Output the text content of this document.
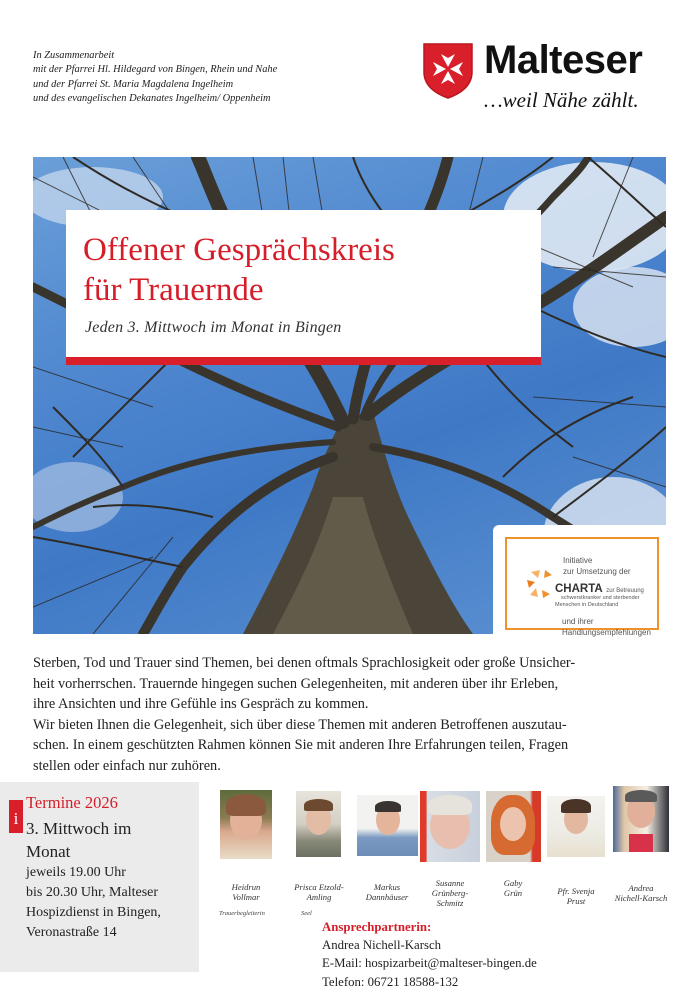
In Zusammenarbeit
mit der Pfarrei Hl. Hildegard von Bingen, Rhein und Nahe
und der Pfarrei St. Maria Magdalena Ingelheim
und des evangelischen Dekanates Ingelheim/ Oppenheim
Malteser
…weil Nähe zählt.
Offener Gesprächskreis
für Trauernde
Jeden 3. Mittwoch im Monat in Bingen
Initiative
zur Umsetzung der
CHARTA zur Betreuung
schwerstkranker und sterbender
Menschen in Deutschland
und ihrer
Handlungsempfehlungen

Sterben, Tod und Trauer sind Themen, bei denen oftmals Sprachlosigkeit oder große Unsicher-

heit vorherrschen. Trauernde hingegen suchen Gelegenheiten, mit anderen über ihr Erleben,

ihre Ansichten und ihre Gefühle ins Gespräch zu kommen.

Wir bieten Ihnen die Gelegenheit, sich über diese Themen mit anderen Betroffenen auszutau-

schen. In einem geschützten Rahmen können Sie mit anderen Ihre Erfahrungen teilen, Fragen

stellen oder einfach nur zuhören.

i
Termine 2026
3. Mittwoch im
Monat
jeweils 19.00 Uhr
bis 20.30 Uhr, Malteser
Hospizdienst in Bingen,
Veronastraße 14
Heidrun
Vollmar
Trauerbegleiterin
Prisca Etzold-
Amling
Seel
Markus
Dannhäuser
Susanne
Grünberg-
Schmitz
Gaby
Grün	Pfr. Svenja
Prust
Andrea
Nichell-Karsch
Ansprechpartnerin:
Andrea Nichell-Karsch
E-Mail: hospizarbeit@malteser-bingen.de
Telefon: 06721 18588-132
